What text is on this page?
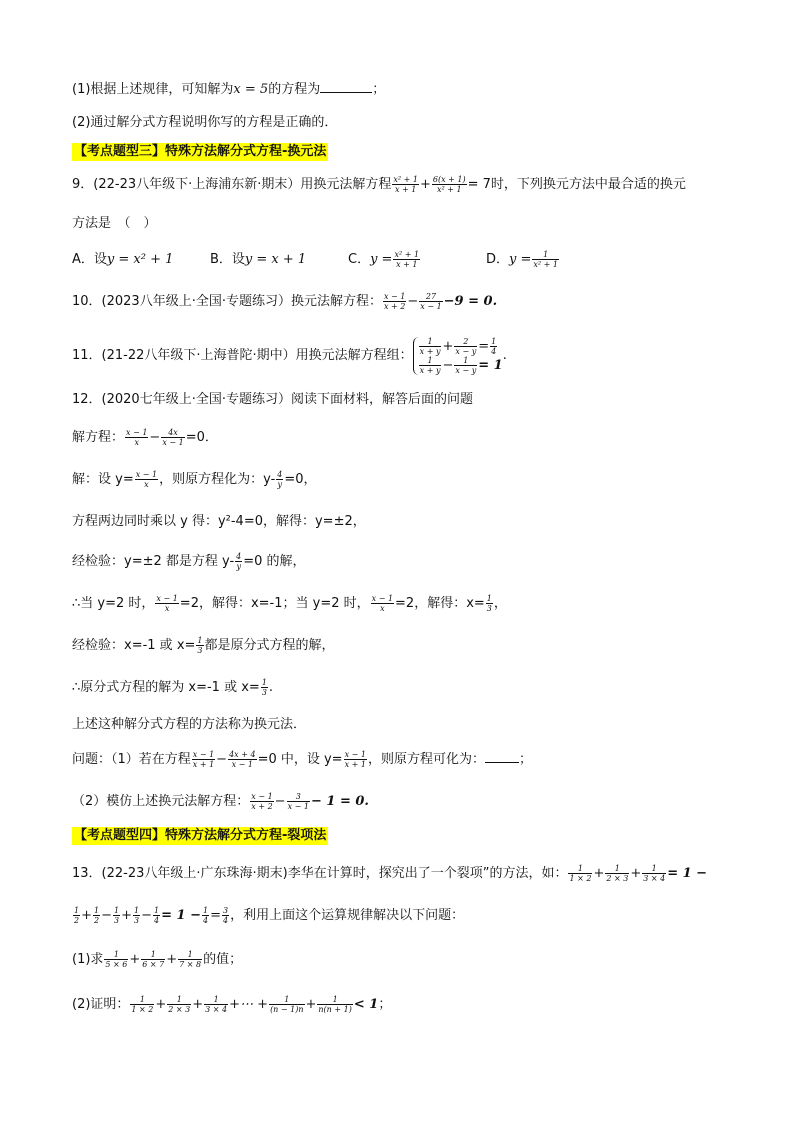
(1)根据上述规律，可知解为x = 5的方程为	；
(2)通过解分式方程说明你写的方程是正确的．
【考点题型三】特殊方法解分式方程-换元法
9．(22-23八年级下·上海浦东新·期末）用换元法解方程 $\frac{\text{x² + 1}}{x + 1} + \frac{6(x + 1)}{\text{x² + 1}} = 7$时，下列换元方法中最合适的换元
方法是　（　）
A．设y = x² + 1	B．设y = x + 1	C．$y = \frac{\text{x² + 1}}{x + 1}$	D．$y = \frac{1}{\text{x² + 1}}$
10．(2023八年级上·全国·专题练习）换元法解方程： $\frac{x - 1}{x + 2} - \frac{27}{x - 1} -9 = 0$.
11．(21-22八年级下·上海普陀·期中）用换元法解方程组： $\frac{1}{x + y} + \frac{2}{x - y} = \frac{1}{4}$
$\frac{1}{x + y} - \frac{1}{x - y} = 1$
.
12．(2020七年级上·全国·专题练习）阅读下面材料，解答后面的问题
解方程： $\frac{x - 1}{x} - \frac{4x}{x - 1} =0$．
解：设 $y= \frac{x - 1}{x}$ ，则原方程化为：$y- \frac{4}{y} =0$，
方程两边同时乘以 y 得：y²-4=0，解得：y=±2，
经检验：y=±2 都是方程 $y- \frac{4}{y} =0$ 的解，
∴当 y=2 时， $\frac{x - 1}{x} =2$，解得：x=-1；当 y=2 时， $\frac{x - 1}{x} =2$，解得：$x= \frac{1}{3}$ ，
经检验：x=-1 或 $x= \frac{1}{3}$ 都是原分式方程的解，
∴原分式方程的解为 x=-1 或 $x= \frac{1}{3}$ .
上述这种解分式方程的方法称为换元法．
问题：（1）若在方程 $\frac{x - 1}{x + 1} - \frac{4x + 4}{x - 1} =0$ 中，设 $y= \frac{x - 1}{x + 1}$ ，则原方程可化为：	；
（2）模仿上述换元法解方程： $\frac{x - 1}{x + 2} - \frac{3}{x - 1} - 1 = 0$.
【考点题型四】特殊方法解分式方程-裂项法
13．(22-23八年级上·广东珠海·期末)李华在计算时，探究出了一个裂项”的方法，如： $\frac{1}{1 \times 2} + \frac{1}{2 \times 3} + \frac{1}{3 \times 4} = 1$ −
$\frac{1}{2} + \frac{1}{2} - \frac{1}{3} + \frac{1}{3} - \frac{1}{4} = 1 - \frac{1}{4} = \frac{3}{4}$ ，利用上面这个运算规律解决以下问题：
(1)求 $\frac{1}{5 \times 6} + \frac{1}{6 \times 7} + \frac{1}{7 \times 8}$ 的值；
(2)证明： $\frac{1}{1 \times 2} + \frac{1}{2 \times 3} + \frac{1}{3 \times 4}$ +⋯ + $\frac{1}{(n - 1)n} + \frac{1}{n(n + 1)} < 1$；
